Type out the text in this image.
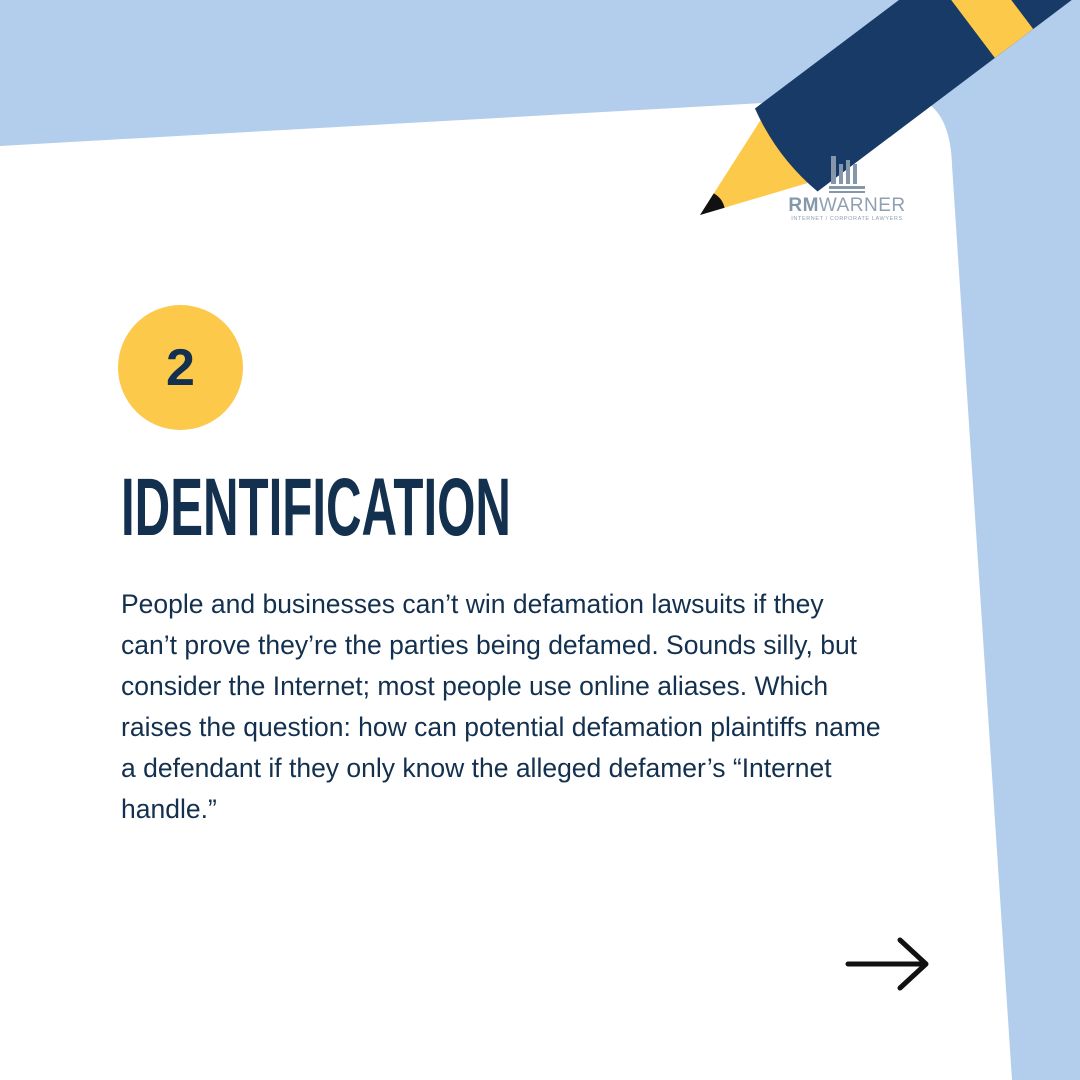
RMWARNER
INTERNET / CORPORATE LAWYERS
2
IDENTIFICATION

People and businesses can’t win defamation lawsuits if they can’t prove they’re the parties being defamed. Sounds silly, but consider the Internet; most people use online aliases. Which raises the question: how can potential defamation plaintiffs name a defendant if they only know the alleged defamer’s “Internet handle.”
